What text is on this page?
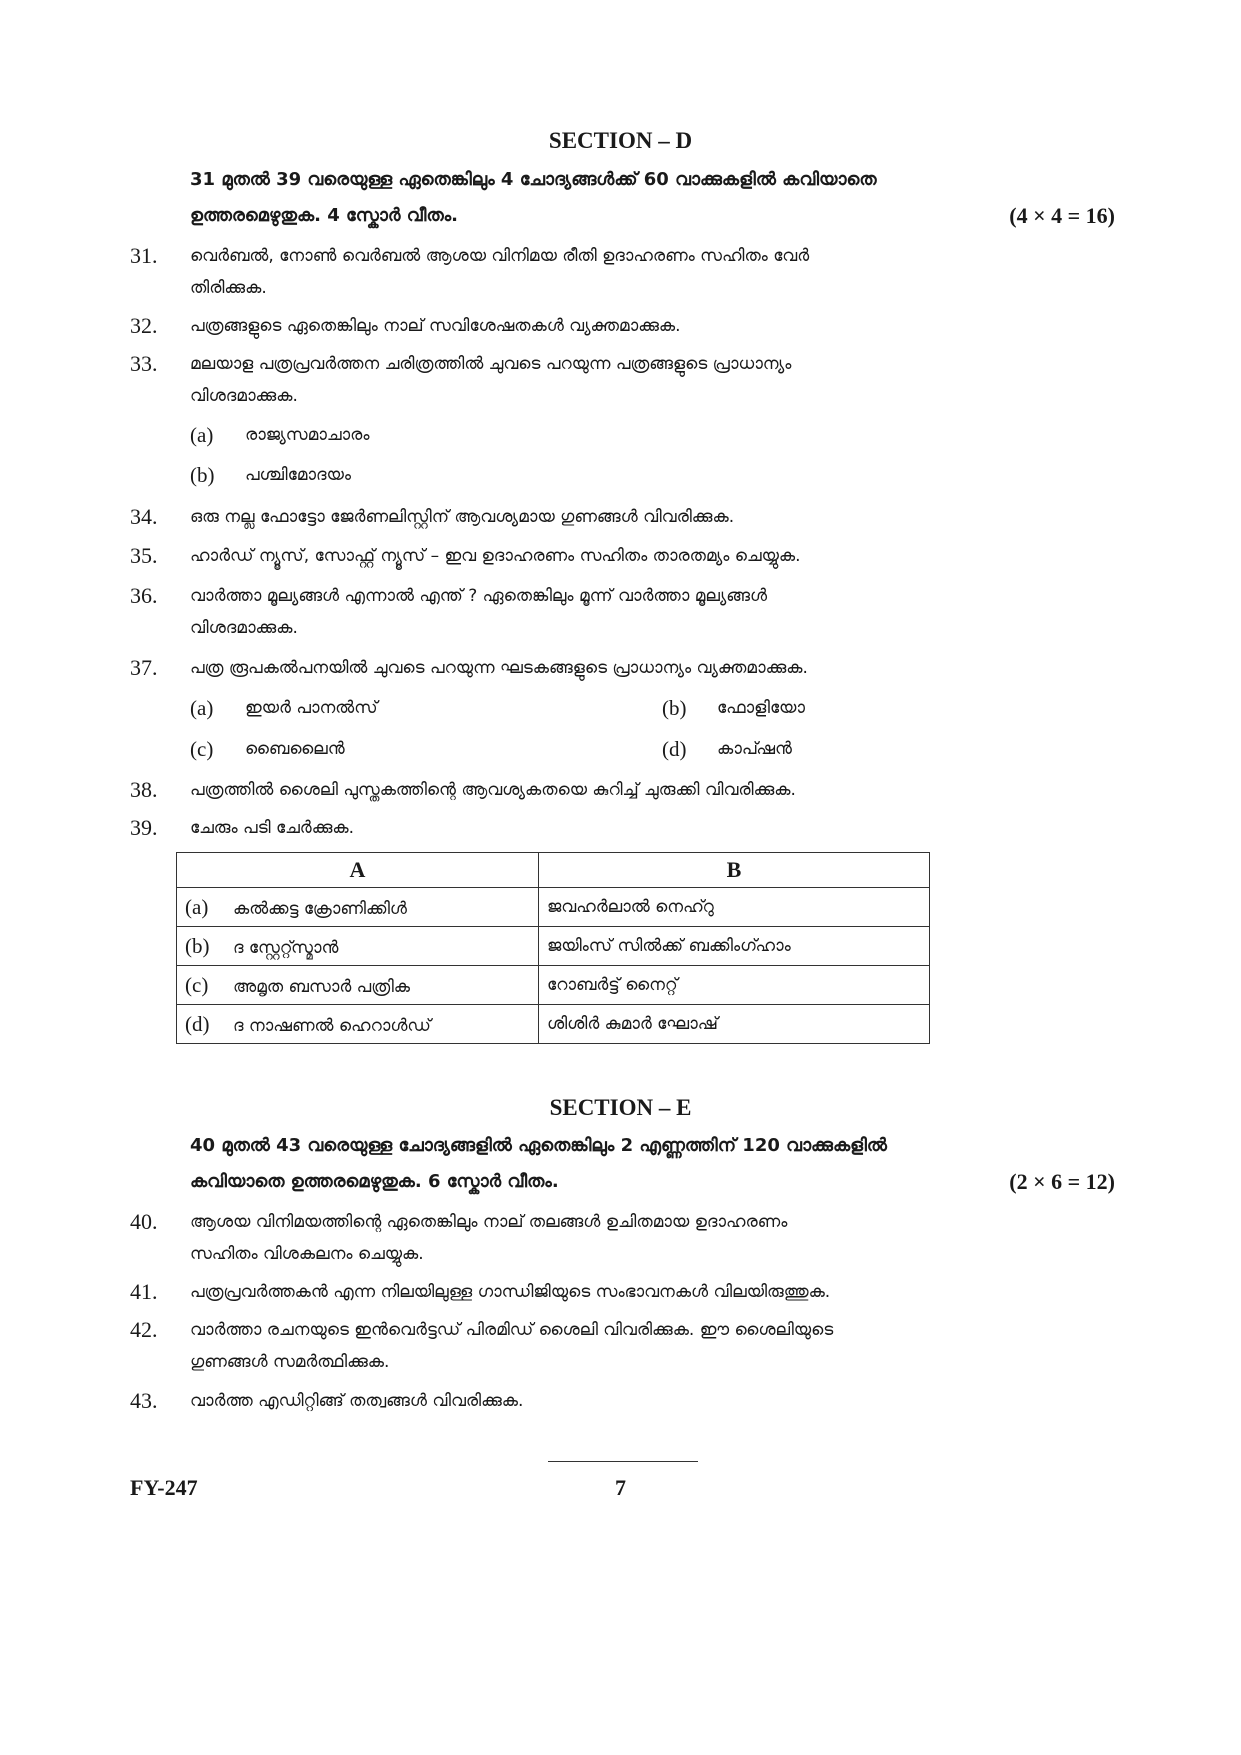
SECTION – D
31 മുതൽ 39 വരെയുള്ള ഏതെങ്കിലും 4 ചോദ്യങ്ങൾക്ക് 60 വാക്കുകളിൽ കവിയാതെ
ഉത്തരമെഴുതുക. 4 സ്കോർ വീതം.	(4 × 4 = 16)
31. വെർബൽ, നോൺ വെർബൽ ആശയ വിനിമയ രീതി ഉദാഹരണം സഹിതം വേർ
തിരിക്കുക.
32. പത്രങ്ങളുടെ ഏതെങ്കിലും നാല് സവിശേഷതകൾ വ്യക്തമാക്കുക.
33. മലയാള പത്രപ്രവർത്തന ചരിത്രത്തിൽ ചുവടെ പറയുന്ന പത്രങ്ങളുടെ പ്രാധാന്യം
വിശദമാക്കുക.
(a) രാജ്യസമാചാരം
(b) പശ്ചിമോദയം
34. ഒരു നല്ല ഫോട്ടോ ജേർണലിസ്റ്റിന് ആവശ്യമായ ഗുണങ്ങൾ വിവരിക്കുക.
35. ഹാർഡ് ന്യൂസ്, സോഫ്റ്റ് ന്യൂസ് – ഇവ ഉദാഹരണം സഹിതം താരതമ്യം ചെയ്യുക.
36. വാർത്താ മൂല്യങ്ങൾ എന്നാൽ എന്ത് ? ഏതെങ്കിലും മൂന്ന് വാർത്താ മൂല്യങ്ങൾ
വിശദമാക്കുക.
37. പത്ര രൂപകൽപനയിൽ ചുവടെ പറയുന്ന ഘടകങ്ങളുടെ പ്രാധാന്യം വ്യക്തമാക്കുക.
(a) ഇയർ പാനൽസ്	(b) ഫോളിയോ
(c) ബൈലൈൻ	(d) കാപ്ഷൻ
38. പത്രത്തിൽ ശൈലി പുസ്തകത്തിന്റെ ആവശ്യകതയെ കുറിച്ച് ചുരുക്കി വിവരിക്കുക.
39. ചേരും പടി ചേർക്കുക.
A	B
(a) കൽക്കട്ട ക്രോണിക്കിൾ	ജവഹർലാൽ നെഹ്റു
(b) ദ സ്റ്റേറ്റ്സ്മാൻ	ജയിംസ് സിൽക്ക് ബക്കിംഗ്ഹാം
(c) അമൃത ബസാർ പത്രിക	റോബർട്ട് നൈറ്റ്
(d) ദ നാഷണൽ ഹെറാൾഡ്	ശിശിർ കുമാർ ഘോഷ്
SECTION – E
40 മുതൽ 43 വരെയുള്ള ചോദ്യങ്ങളിൽ ഏതെങ്കിലും 2 എണ്ണത്തിന് 120 വാക്കുകളിൽ
കവിയാതെ ഉത്തരമെഴുതുക. 6 സ്കോർ വീതം.	(2 × 6 = 12)
40. ആശയ വിനിമയത്തിന്റെ ഏതെങ്കിലും നാല് തലങ്ങൾ ഉചിതമായ ഉദാഹരണം
സഹിതം വിശകലനം ചെയ്യുക.
41. പത്രപ്രവർത്തകൻ എന്ന നിലയിലുള്ള ഗാന്ധിജിയുടെ സംഭാവനകൾ വിലയിരുത്തുക.
42. വാർത്താ രചനയുടെ ഇൻവെർട്ടഡ് പിരമിഡ് ശൈലി വിവരിക്കുക. ഈ ശൈലിയുടെ
ഗുണങ്ങൾ സമർത്ഥിക്കുക.
43. വാർത്ത എഡിറ്റിങ്ങ് തത്വങ്ങൾ വിവരിക്കുക.
FY-247	7
